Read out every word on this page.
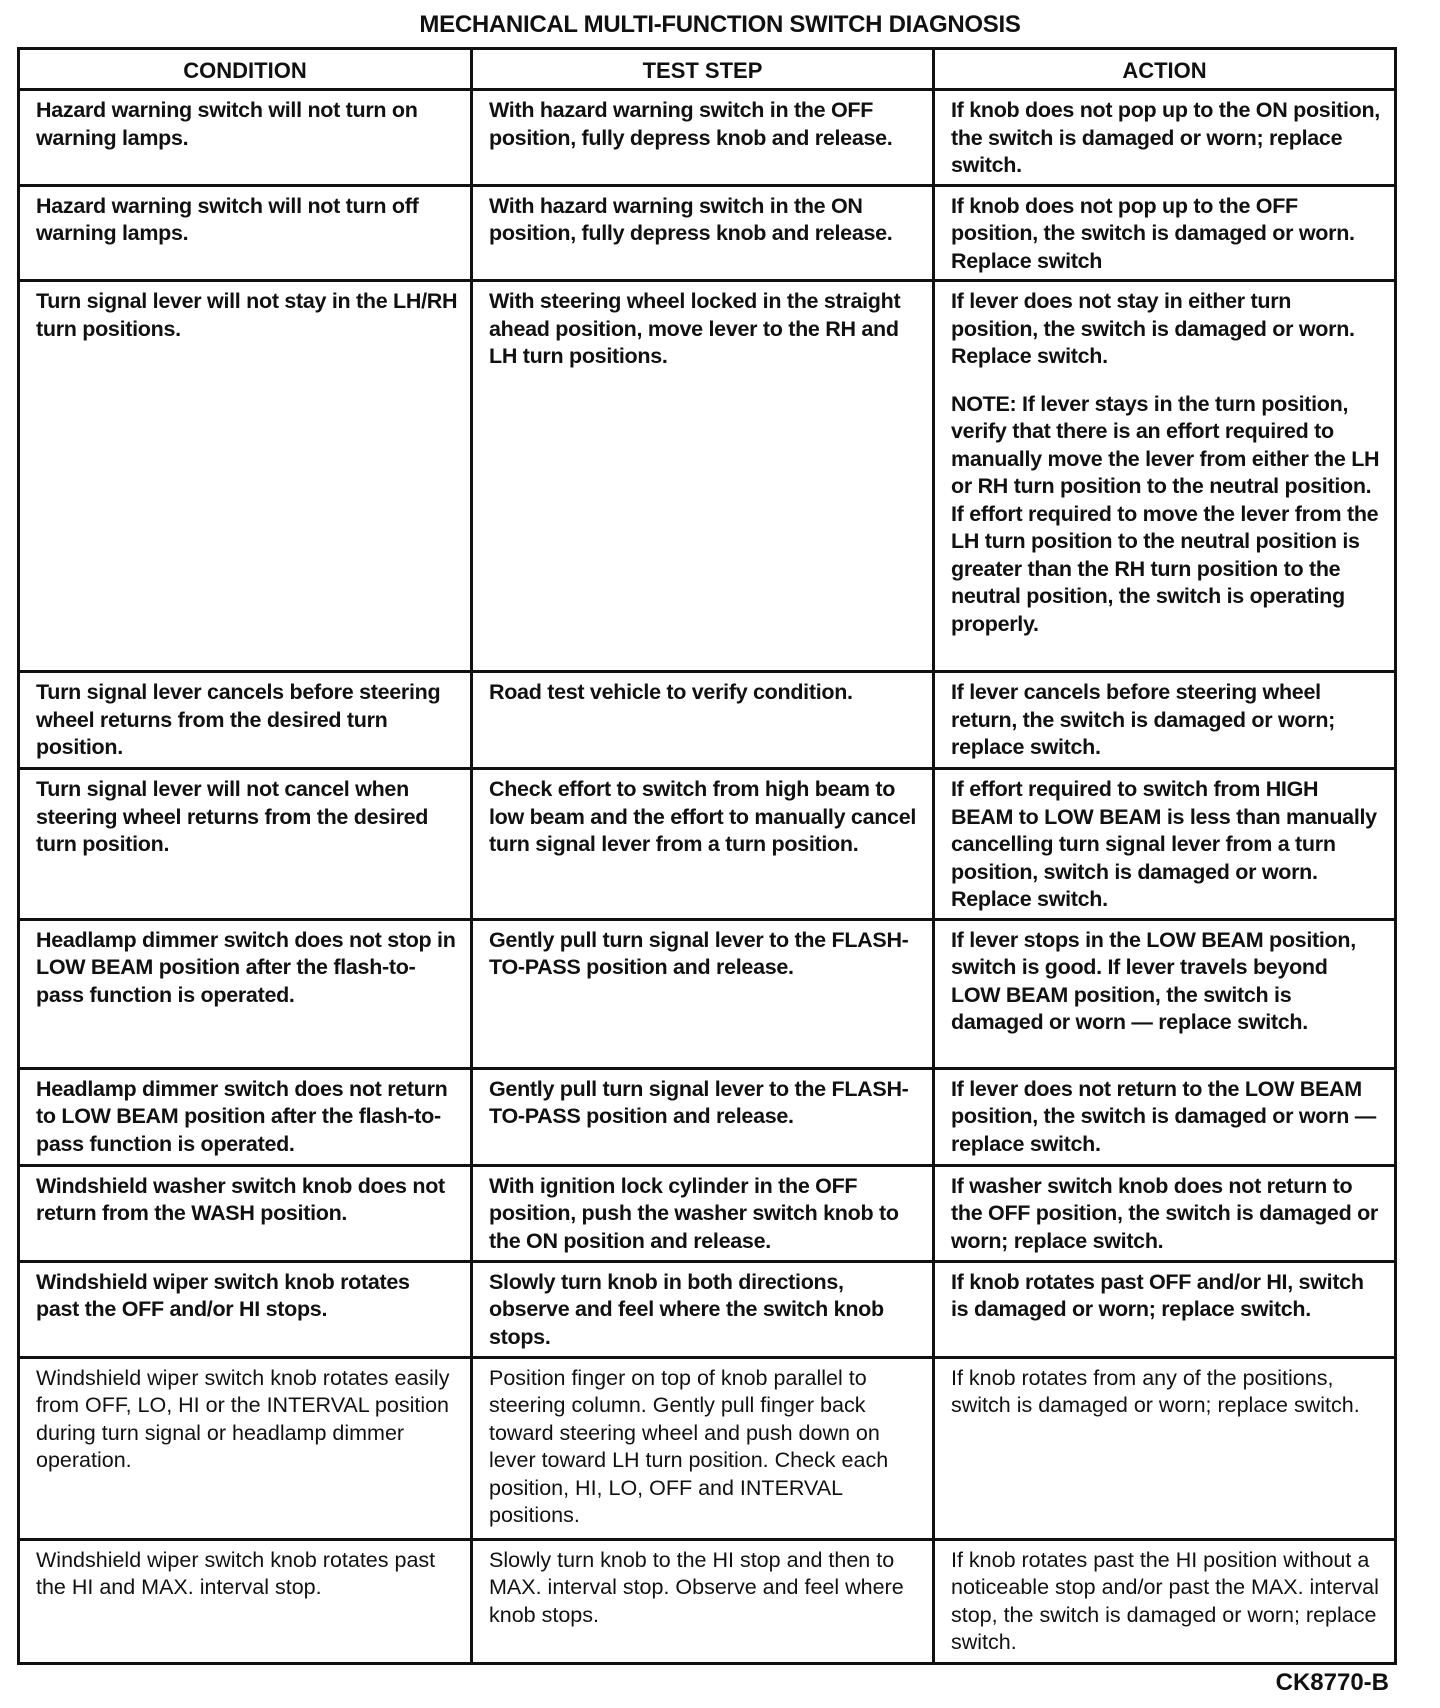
MECHANICAL MULTI-FUNCTION SWITCH DIAGNOSIS
CONDITION	TEST STEP	ACTION
Hazard warning switch will not turn on warning lamps.	With hazard warning switch in the OFF position, fully depress knob and release.	If knob does not pop up to the ON position, the switch is damaged or worn; replace switch.
Hazard warning switch will not turn off warning lamps.	With hazard warning switch in the ON position, fully depress knob and release.	If knob does not pop up to the OFF position, the switch is damaged or worn. Replace switch
Turn signal lever will not stay in the LH/RH turn positions.	With steering wheel locked in the straight ahead position, move lever to the RH and LH turn positions.	If lever does not stay in either turn position, the switch is damaged or worn. Replace switch.
NOTE: If lever stays in the turn position, verify that there is an effort required to manually move the lever from either the LH or RH turn position to the neutral position. If effort required to move the lever from the LH turn position to the neutral position is greater than the RH turn position to the neutral position, the switch is operating properly.

Turn signal lever cancels before steering wheel returns from the desired turn position.	Road test vehicle to verify condition.	If lever cancels before steering wheel return, the switch is damaged or worn; replace switch.
Turn signal lever will not cancel when steering wheel returns from the desired turn position.	Check effort to switch from high beam to low beam and the effort to manually cancel turn signal lever from a turn position.	If effort required to switch from HIGH BEAM to LOW BEAM is less than manually cancelling turn signal lever from a turn position, switch is damaged or worn. Replace switch.
Headlamp dimmer switch does not stop in LOW BEAM position after the flash-to-pass function is operated.	Gently pull turn signal lever to the FLASH-TO-PASS position and release.	If lever stops in the LOW BEAM position, switch is good. If lever travels beyond LOW BEAM position, the switch is damaged or worn — replace switch.
Headlamp dimmer switch does not return to LOW BEAM position after the flash-to-pass function is operated.	Gently pull turn signal lever to the FLASH-TO-PASS position and release.	If lever does not return to the LOW BEAM position, the switch is damaged or worn — replace switch.
Windshield washer switch knob does not return from the WASH position.	With ignition lock cylinder in the OFF position, push the washer switch knob to the ON position and release.	If washer switch knob does not return to the OFF position, the switch is damaged or worn; replace switch.
Windshield wiper switch knob rotates past the OFF and/or HI stops.	Slowly turn knob in both directions, observe and feel where the switch knob stops.	If knob rotates past OFF and/or HI, switch is damaged or worn; replace switch.
Windshield wiper switch knob rotates easily from OFF, LO, HI or the INTERVAL position during turn signal or headlamp dimmer operation.	Position finger on top of knob parallel to steering column. Gently pull finger back toward steering wheel and push down on lever toward LH turn position. Check each position, HI, LO, OFF and INTERVAL positions.	If knob rotates from any of the positions, switch is damaged or worn; replace switch.
Windshield wiper switch knob rotates past the HI and MAX. interval stop.	Slowly turn knob to the HI stop and then to MAX. interval stop. Observe and feel where knob stops.	If knob rotates past the HI position without a noticeable stop and/or past the MAX. interval stop, the switch is damaged or worn; replace switch.
CK8770-B
